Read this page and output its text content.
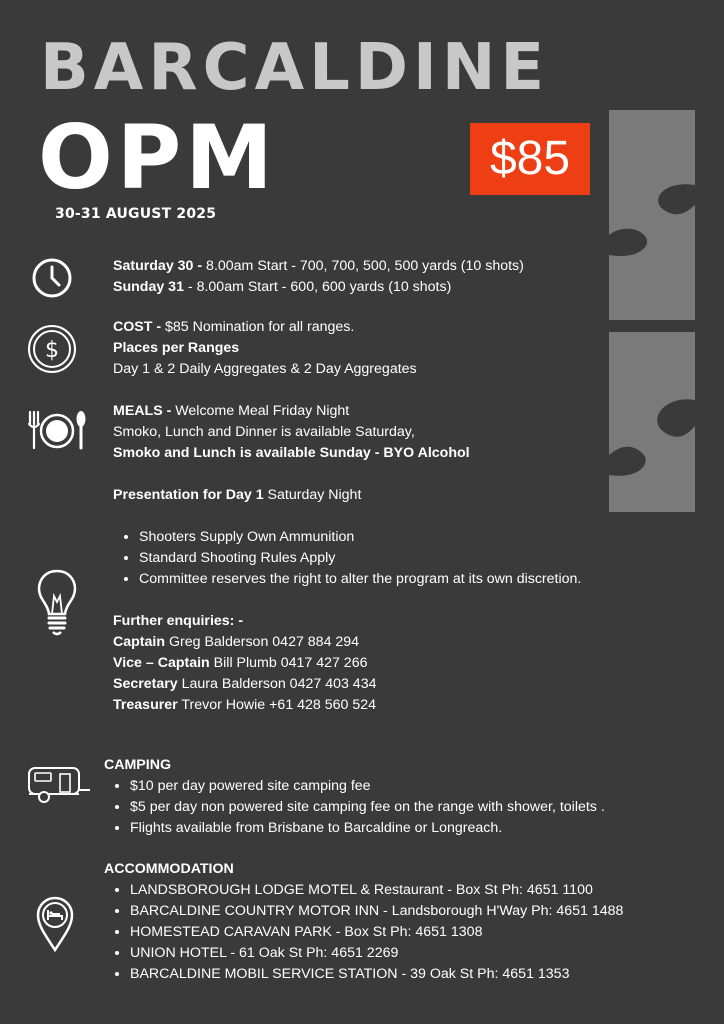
BARCALDINE
OPM
30-31 AUGUST 2025
$85

Saturday 30 - 8.00am Start - 700, 700, 500, 500 yards (10 shots)

Sunday 31 - 8.00am Start - 600, 600 yards (10 shots)

$

COST - $85 Nomination for all ranges.

Places per Ranges

Day 1 & 2 Daily Aggregates & 2 Day Aggregates

MEALS - Welcome Meal Friday Night

Smoko, Lunch and Dinner is available Saturday,

Smoko and Lunch is available Sunday - BYO Alcohol

Presentation for Day 1 Saturday Night

• Shooters Supply Own Ammunition
• Standard Shooting Rules Apply
• Committee reserves the right to alter the program at its own discretion.

Further enquiries: -

Captain Greg Balderson 0427 884 294

Vice – Captain Bill Plumb 0417 427 266

Secretary Laura Balderson 0427 403 434

Treasurer Trevor Howie +61 428 560 524

CAMPING

• $10 per day powered site camping fee
• $5 per day non powered site camping fee on the range with shower, toilets .
• Flights available from Brisbane to Barcaldine or Longreach.

ACCOMMODATION

• LANDSBOROUGH LODGE MOTEL & Restaurant - Box St Ph: 4651 1100
• BARCALDINE COUNTRY MOTOR INN - Landsborough H'Way Ph: 4651 1488
• HOMESTEAD CARAVAN PARK - Box St Ph: 4651 1308
• UNION HOTEL - 61 Oak St Ph: 4651 2269
• BARCALDINE MOBIL SERVICE STATION - 39 Oak St Ph: 4651 1353
